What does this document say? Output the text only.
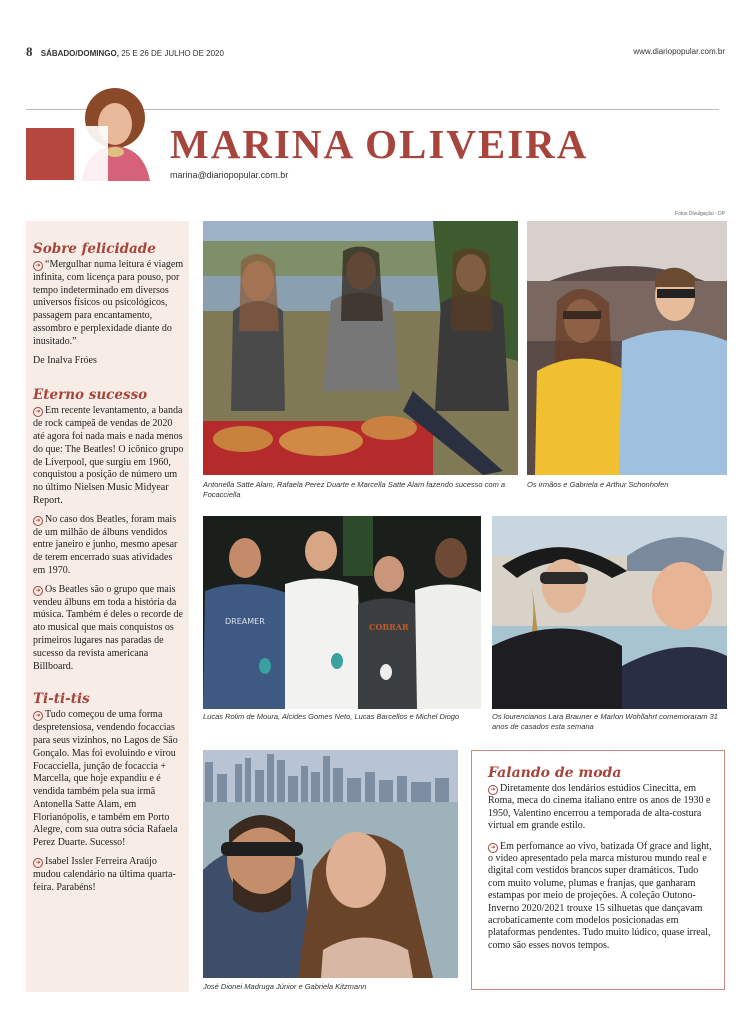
8 SÁBADO/DOMINGO, 25 E 26 DE JULHO DE 2020	www.diariopopular.com.br
MARINA OLIVEIRA
marina@diariopopular.com.br
Fotos Divulgação - DP
Sobre felicidade

➜ “Mergulhar numa leitura é viagem infinita, com licença para pouso, por tempo indeterminado em diversos universos físicos ou psicológicos, passagem para encantamento, assombro e perplexidade diante do inusitado.”

De Inalva Fróes

Eterno sucesso

➜ Em recente levantamento, a banda de rock campeã de vendas de 2020 até agora foi nada mais e nada menos do que: The Beatles! O icônico grupo de Liverpool, que surgiu em 1960, conquistou a posição de número um no último Nielsen Music Midyear Report.

➜ No caso dos Beatles, foram mais de um milhão de álbuns vendidos entre janeiro e junho, mesmo apesar de terem encerrado suas atividades em 1970.

➜ Os Beatles são o grupo que mais vendeu álbuns em toda a história da música. Também é deles o recorde de ato musical que mais conquistos os primeiros lugares nas paradas de sucesso da revista americana Billboard.

Ti-ti-tis

➜ Tudo começou de uma forma despretensiosa, vendendo focaccias para seus vizinhos, no Lagos de São Gonçalo. Mas foi evoluindo e virou Focacciella, junção de focaccia + Marcella, que hoje expandiu e é vendida também pela sua irmã Antonella Satte Alam, em Florianópolis, e também em Porto Alegre, com sua outra sócia Rafaela Perez Duarte. Sucesso!

➜ Isabel Issler Ferreira Araújo mudou calendário na última quarta-feira. Parabéns!

Antonella Satte Alam, Rafaela Perez Duarte e Marcella Satte Alam fazendo sucesso com a Focacciella
Os irmãos e Gabriela e Arthur Schonhofen
DREAMER
COBRAR
Lucas Rolim de Moura, Alcides Gomes Neto, Lucas Barcellos e Michel Diogo	Os lourencianos Lara Brauner e Marlon Wohllahrt comemoraram 31 anos de casados esta semana
José Dionei Madruga Júnior e Gabriela Kitzmann
Falando de moda

➜ Diretamente dos lendários estúdios Cinecitta, em Roma, meca do cinema italiano entre os anos de 1930 e 1950, Valentino encerrou a temporada de alta-costura virtual em grande estilo.

➜ Em perfomance ao vivo, batizada Of grace and light, o vídeo apresentado pela marca misturou mundo real e digital com vestidos brancos super dramáticos. Tudo com muito volume, plumas e franjas, que ganharam estampas por meio de projeções. A coleção Outono-Inverno 2020/2021 trouxe 15 silhuetas que dançavam acrobaticamente com modelos posicionadas em plataformas pendentes. Tudo muito lúdico, quase irreal, como são esses novos tempos.
